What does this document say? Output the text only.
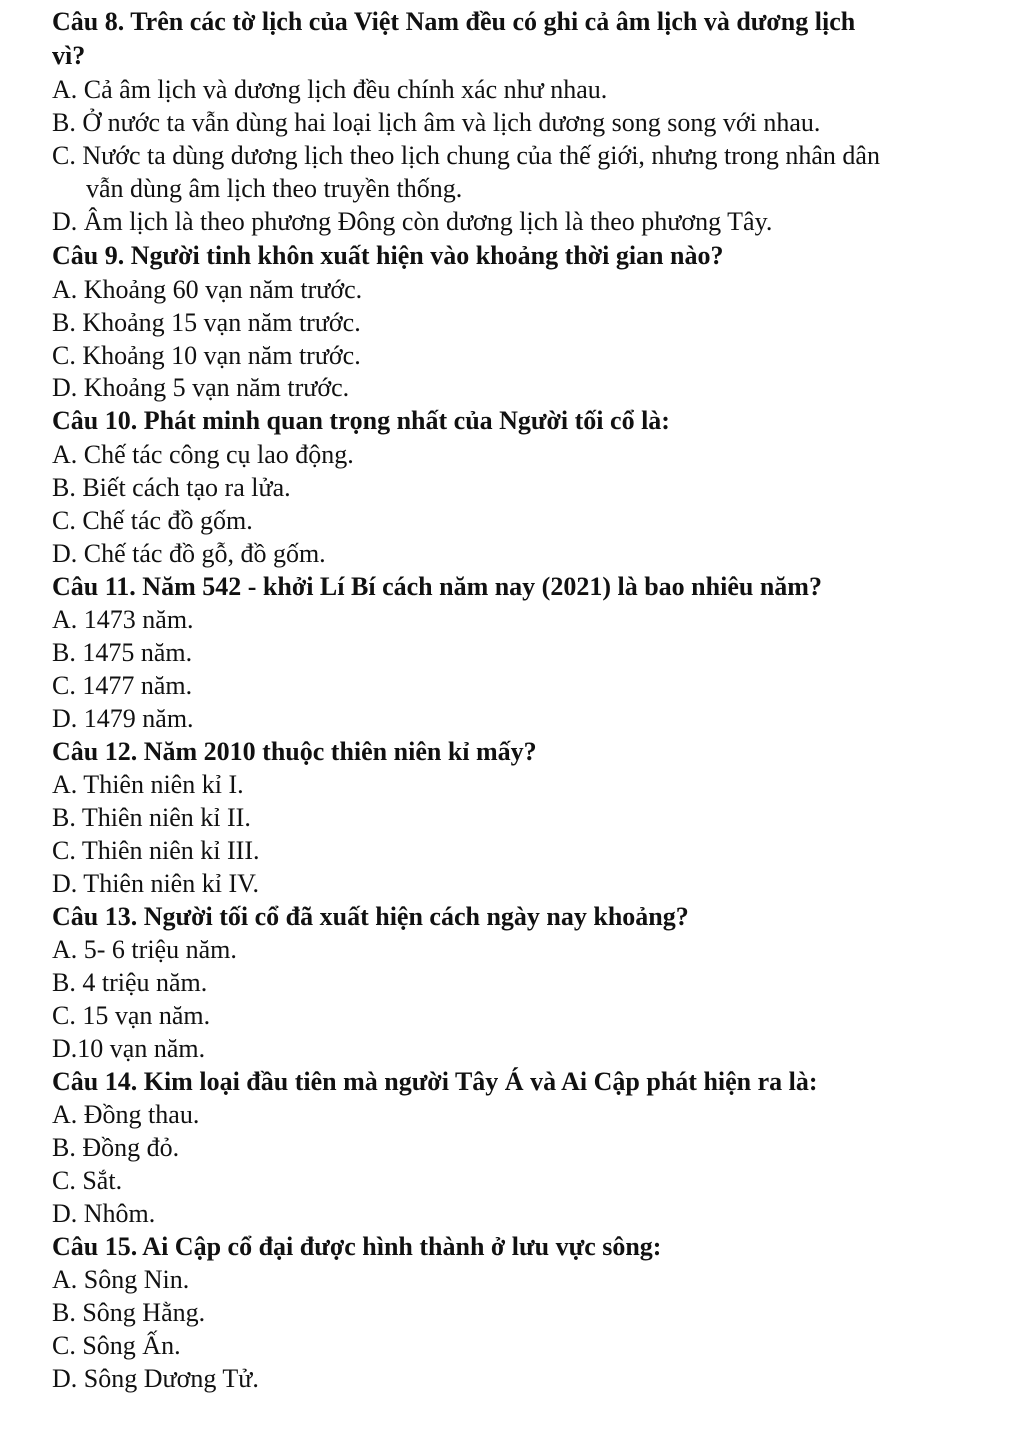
Câu 8. Trên các tờ lịch của Việt Nam đều có ghi cả âm lịch và dương lịch
vì?
A. Cả âm lịch và dương lịch đều chính xác như nhau.
B. Ở nước ta vẫn dùng hai loại lịch âm và lịch dương song song với nhau.
C. Nước ta dùng dương lịch theo lịch chung của thế giới, nhưng trong nhân dân
vẫn dùng âm lịch theo truyền thống.
D. Âm lịch là theo phương Đông còn dương lịch là theo phương Tây.
Câu 9. Người tinh khôn xuất hiện vào khoảng thời gian nào?
A. Khoảng 60 vạn năm trước.
B. Khoảng 15 vạn năm trước.
C. Khoảng 10 vạn năm trước.
D. Khoảng 5 vạn năm trước.
Câu 10. Phát minh quan trọng nhất của Người tối cổ là:
A. Chế tác công cụ lao động.
B. Biết cách tạo ra lửa.
C. Chế tác đồ gốm.
D. Chế tác đồ gỗ, đồ gốm.
Câu 11. Năm 542 - khởi Lí Bí cách năm nay (2021) là bao nhiêu năm?
A. 1473 năm.
B. 1475 năm.
C. 1477 năm.
D. 1479 năm.
Câu 12. Năm 2010 thuộc thiên niên kỉ mấy?
A. Thiên niên kỉ I.
B. Thiên niên kỉ II.
C. Thiên niên kỉ III.
D. Thiên niên kỉ IV.
Câu 13. Người tối cổ đã xuất hiện cách ngày nay khoảng?
A. 5- 6 triệu năm.
B. 4 triệu năm.
C. 15 vạn năm.
D.10 vạn năm.
Câu 14. Kim loại đầu tiên mà người Tây Á và Ai Cập phát hiện ra là:
A. Đồng thau.
B. Đồng đỏ.
C. Sắt.
D. Nhôm.
Câu 15. Ai Cập cổ đại được hình thành ở lưu vực sông:
A. Sông Nin.
B. Sông Hằng.
C. Sông Ấn.
D. Sông Dương Tử.
